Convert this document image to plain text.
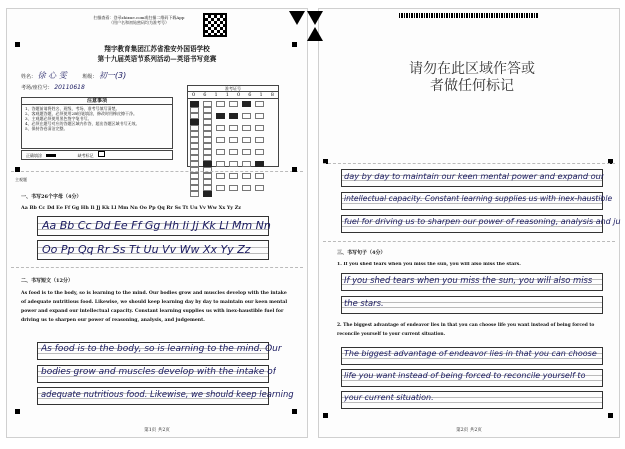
扫描查看：登录zhixue.com或扫描二维码下载App
（用户名和初始密码均为准考号）
翔宇教育集团江苏省淮安外国语学校
第十九届英语节系列活动—英语书写竞赛
姓名： 徐 心 雯	班级： 初一(3)
考场/座位号： 20110618
注意事项
1、答题前请将姓名、班级、考场、准考号填写清楚。
2、客观题答题，必须使用2B铅笔填涂，修改时用橡皮擦干净。
3、主观题必须使用黑色签字笔书写。
4、必须在题号对应的答题区域内作答，超出答题区域书写无效。
5、保持答卷清洁完整。
正确填涂	缺考标记
准考证号
0 6 1 1 0 6 1 8
主观题
一、书写26个字母（4分）
Aa Bb Cc Dd Ee Ff Gg Hh Ii Jj Kk Ll Mm Nn Oo Pp Qq Rr Ss Tt Uu Vv Ww Xx Yy Zz
Aa Bb Cc Dd Ee Ff Gg Hh Ii Jj Kk Ll Mm Nn
Oo Pp Qq Rr Ss Tt Uu Vv Ww Xx Yy Zz
二、书写短文（12分）
As food is to the body, so is learning to the mind. Our bodies grow and muscles develop with the intake of adequate nutritious food. Likewise, we should keep learning day by day to maintain our keen mental power and expand our intellectual capacity. Constant learning supplies us with inex-haustible fuel for driving us to sharpen our power of reasoning, analysis, and judgement.
As food is to the body, so is learning to the mind. Our
bodies grow and muscles develop with the intake of
adequate nutritious food. Likewise, we should keep learning
第1页 共2页
请勿在此区域作答或
者做任何标记
day by day to maintain our keen mental power and expand our
intellectual capacity. Constant learning supplies us with inex-haustible
fuel for driving us to sharpen our power of reasoning, analysis and ju
三、书写句子（4分）
1. If you shed tears when you miss the sun, you will also miss the stars.
If you shed tears when you miss the sun, you will also miss
the stars.
2. The biggest advantage of endeavor lies in that you can choose life you want instead of being forced to reconcile yourself to your current situation.
The biggest advantage of endeavor lies in that you can choose
life you want instead of being forced to reconcile yourself to
your current situation.
第2页 共2页
